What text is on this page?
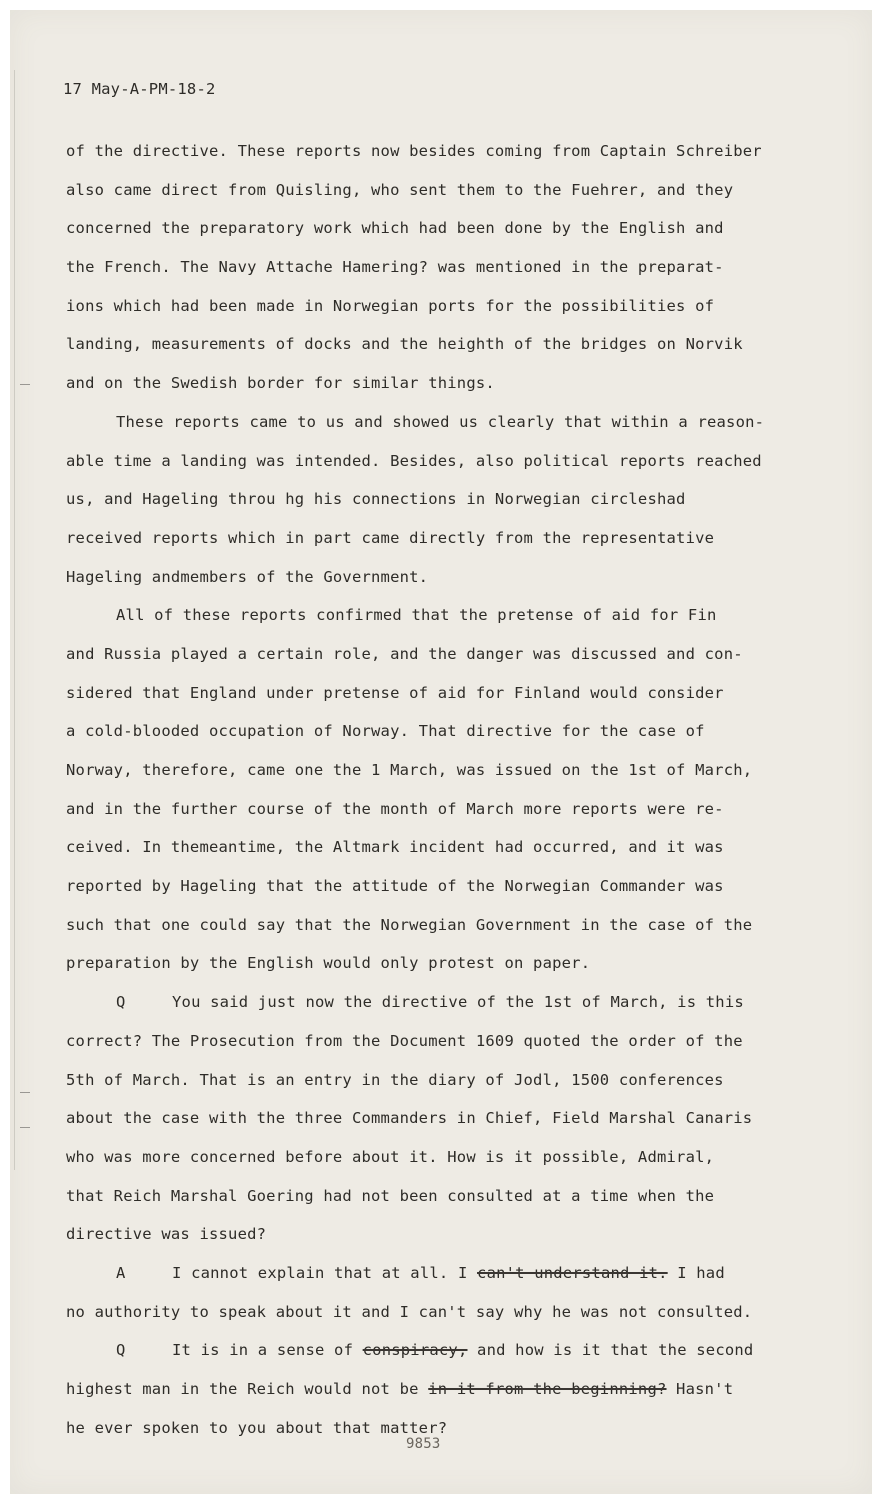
17 May-A-PM-18-2
of the directive. These reports now besides coming from Captain Schreiber
also came direct from Quisling, who sent them to the Fuehrer, and they
concerned the preparatory work which had been done by the English and
the French. The Navy Attache Hamering? was mentioned in the preparat-
ions which had been made in Norwegian ports for the possibilities of
landing, measurements of docks and the heighth of the bridges on Norvik
and on the Swedish border for similar things.
These reports came to us and showed us clearly that within a reason-
able time a landing was intended. Besides, also political reports reached
us, and Hageling throu hg his connections in Norwegian circleshad
received reports which in part came directly from the representative
Hageling andmembers of the Government.
All of these reports confirmed that the pretense of aid for Fin
and Russia played a certain role, and the danger was discussed and con-
sidered that England under pretense of aid for Finland would consider
a cold-blooded occupation of Norway. That directive for the case of
Norway, therefore, came one the 1 March, was issued on the 1st of March,
and in the further course of the month of March more reports were re-
ceived. In themeantime, the Altmark incident had occurred, and it was
reported by Hageling that the attitude of the Norwegian Commander was
such that one could say that the Norwegian Government in the case of the
preparation by the English would only protest on paper.
Q	You said just now the directive of the 1st of March, is this
correct? The Prosecution from the Document 1609 quoted the order of the
5th of March. That is an entry in the diary of Jodl, 1500 conferences
about the case with the three Commanders in Chief, Field Marshal Canaris
who was more concerned before about it. How is it possible, Admiral,
that Reich Marshal Goering had not been consulted at a time when the
directive was issued?
A	I cannot explain that at all. I can't understand it. I had
no authority to speak about it and I can't say why he was not consulted.
Q	It is in a sense of conspiracy, and how is it that the second
highest man in the Reich would not be in it from the beginning? Hasn't
he ever spoken to you about that matter?
9853
